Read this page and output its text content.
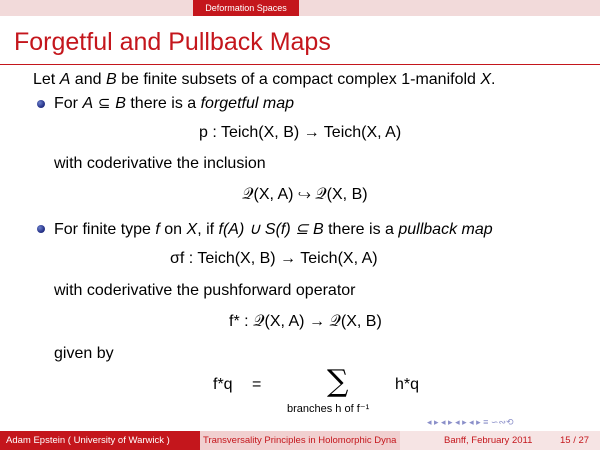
Deformation Spaces
Forgetful and Pullback Maps
Let A and B be finite subsets of a compact complex 1-manifold X.
For A ⊆ B there is a forgetful map
p : Teich(X, B) → Teich(X, A)
with coderivative the inclusion
𝒬(X, A) ↪ 𝒬(X, B)
For finite type f on X, if f(A) ∪ S(f) ⊆ B there is a pullback map
σf : Teich(X, B) → Teich(X, A)
with coderivative the pushforward operator
f* : 𝒬(X, A) → 𝒬(X, B)
given by
f*q = ∑	h*q
branches h of f⁻¹
◂ ▸ ◂ ▸ ◂ ▸ ◂ ▸ ≡ ∽∾⟲
Adam Epstein ( University of Warwick )	Transversality Principles in Holomorphic Dyna	Banff, February 2011	15 / 27
